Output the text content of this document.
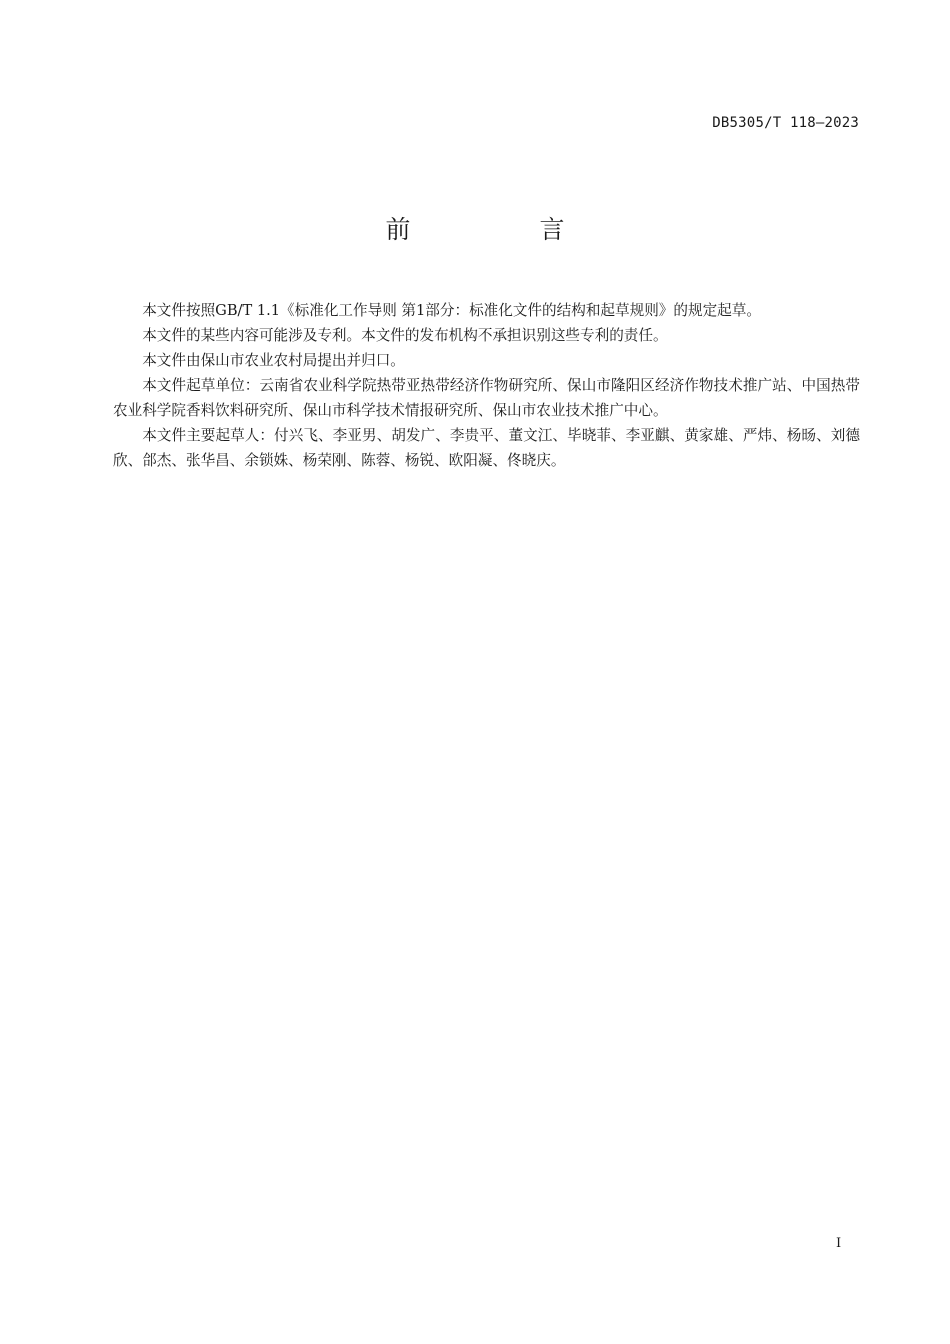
DB5305/T 118—2023
前　言

本文件按照GB/T 1.1《标准化工作导则 第1部分：标准化文件的结构和起草规则》的规定起草。

本文件的某些内容可能涉及专利。本文件的发布机构不承担识别这些专利的责任。

本文件由保山市农业农村局提出并归口。

本文件起草单位：云南省农业科学院热带亚热带经济作物研究所、保山市隆阳区经济作物技术推广站、中国热带农业科学院香料饮料研究所、保山市科学技术情报研究所、保山市农业技术推广中心。

本文件主要起草人：付兴飞、李亚男、胡发广、李贵平、董文江、毕晓菲、李亚麒、黄家雄、严炜、杨旸、刘德欣、郃杰、张华昌、余锁姝、杨荣刚、陈蓉、杨锐、欧阳凝、佟晓庆。

I
